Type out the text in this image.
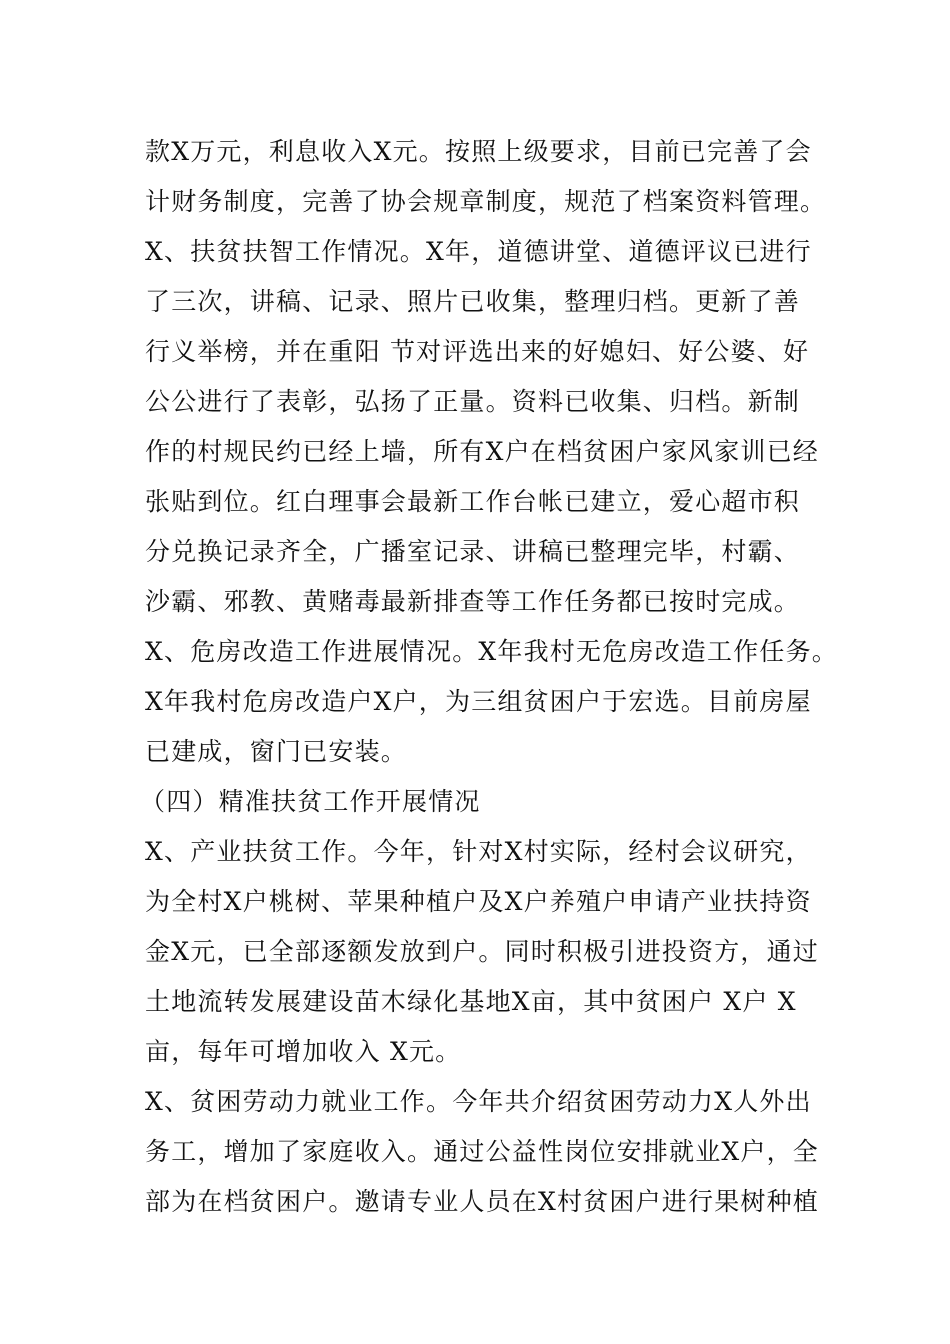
款X万元，利息收入X元。按照上级要求，目前已完善了会
计财务制度，完善了协会规章制度，规范了档案资料管理。
X、扶贫扶智工作情况。X年，道德讲堂、道德评议已进行
了三次，讲稿、记录、照片已收集，整理归档。更新了善
行义举榜，并在重阳 节对评选出来的好媳妇、好公婆、好
公公进行了表彰，弘扬了正量。资料已收集、归档。新制
作的村规民约已经上墙，所有X户在档贫困户家风家训已经
张贴到位。红白理事会最新工作台帐已建立，爱心超市积
分兑换记录齐全，广播室记录、讲稿已整理完毕，村霸、
沙霸、邪教、黄赌毒最新排查等工作任务都已按时完成。
X、危房改造工作进展情况。X年我村无危房改造工作任务。
X年我村危房改造户X户，为三组贫困户于宏选。目前房屋
已建成，窗门已安装。
（四）精准扶贫工作开展情况
X、产业扶贫工作。今年，针对X村实际，经村会议研究，
为全村X户桃树、苹果种植户及X户养殖户申请产业扶持资
金X元，已全部逐额发放到户。同时积极引进投资方，通过
土地流转发展建设苗木绿化基地X亩，其中贫困户 X户 X
亩，每年可增加收入 X元。
X、贫困劳动力就业工作。今年共介绍贫困劳动力X人外出
务工，增加了家庭收入。通过公益性岗位安排就业X户，全
部为在档贫困户。邀请专业人员在X村贫困户进行果树种植
